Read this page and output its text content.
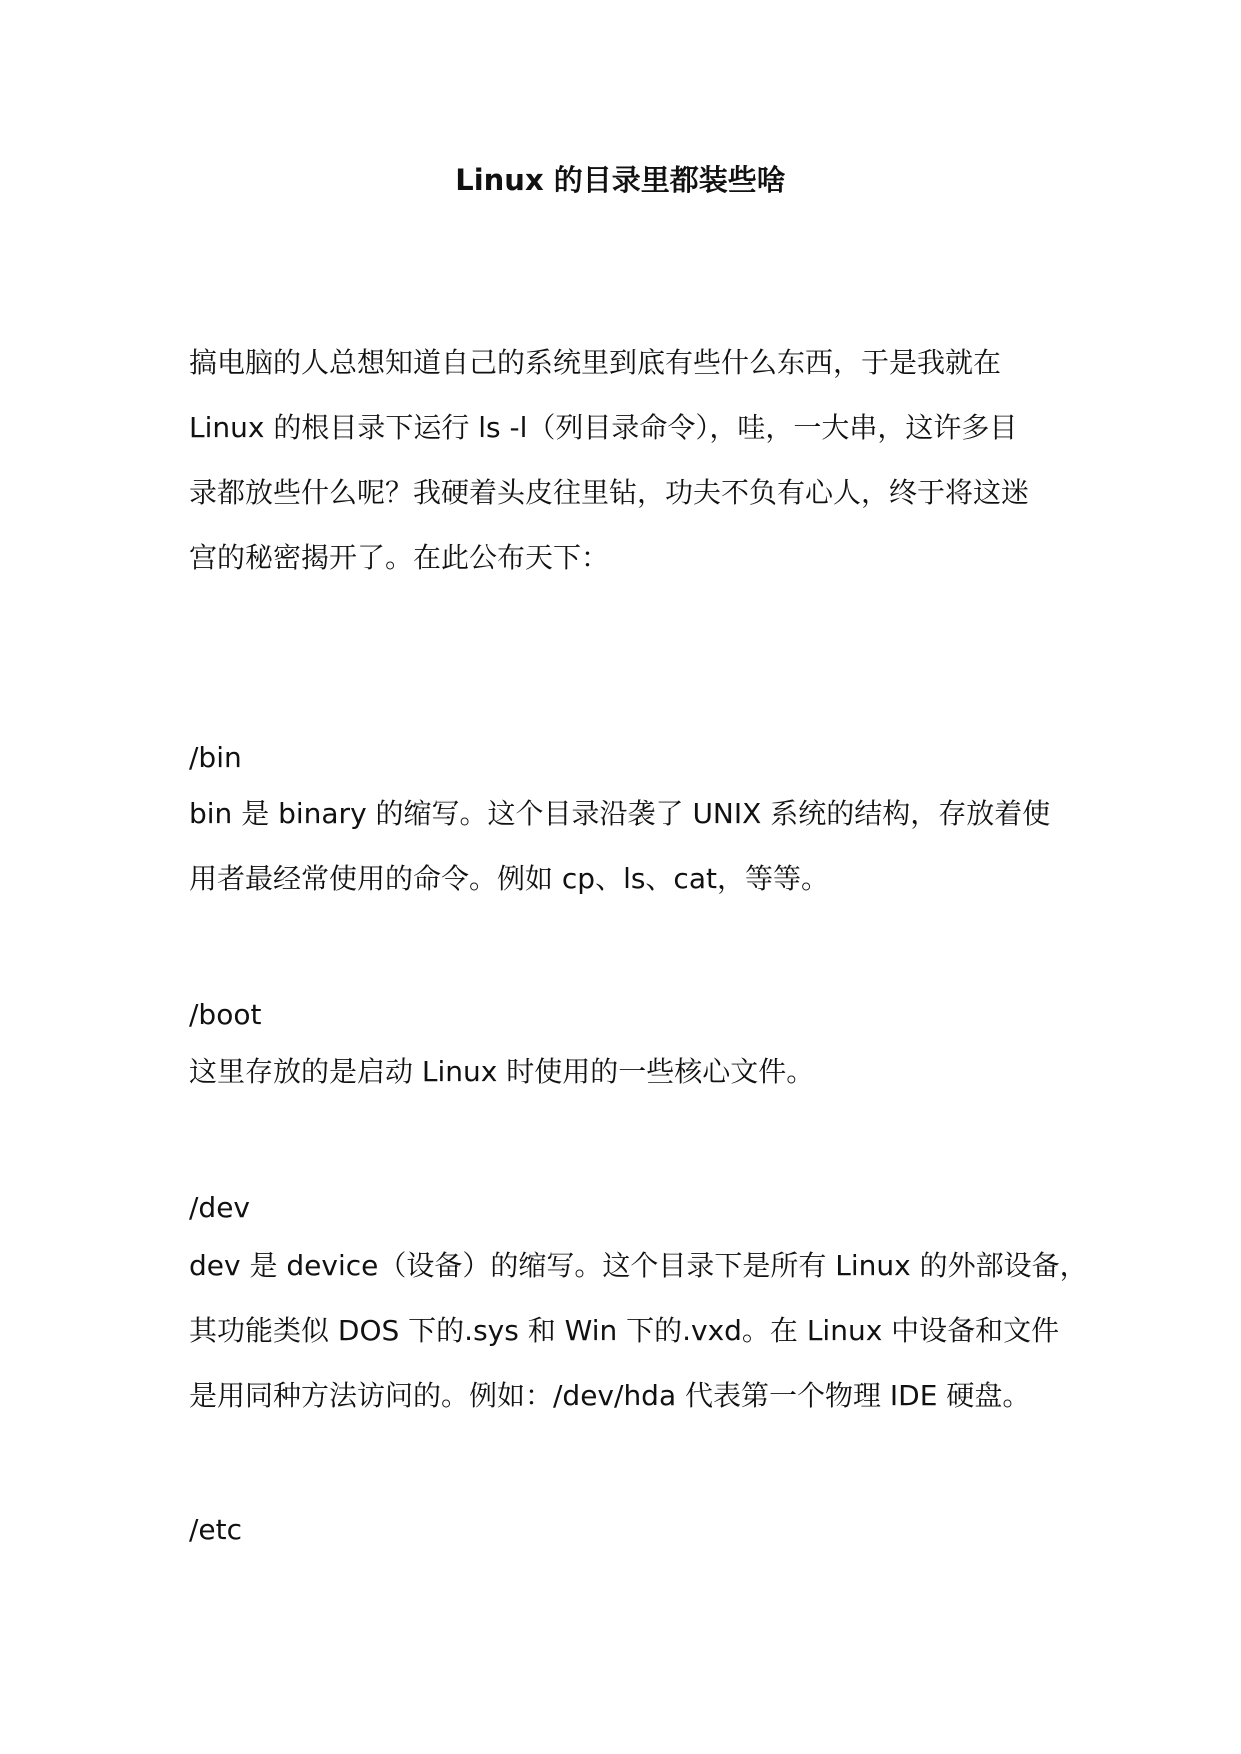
Linux 的目录里都装些啥
搞电脑的人总想知道自己的系统里到底有些什么东西，于是我就在
Linux 的根目录下运行 ls -l（列目录命令），哇，一大串，这许多目
录都放些什么呢？我硬着头皮往里钻，功夫不负有心人，终于将这迷
宫的秘密揭开了。在此公布天下：
/bin
bin 是 binary 的缩写。这个目录沿袭了 UNIX 系统的结构，存放着使
用者最经常使用的命令。例如 cp、ls、cat，等等。
/boot
这里存放的是启动 Linux 时使用的一些核心文件。
/dev
dev 是 device（设备）的缩写。这个目录下是所有 Linux 的外部设备，
其功能类似 DOS 下的.sys 和 Win 下的.vxd。在 Linux 中设备和文件
是用同种方法访问的。例如：/dev/hda 代表第一个物理 IDE 硬盘。
/etc
